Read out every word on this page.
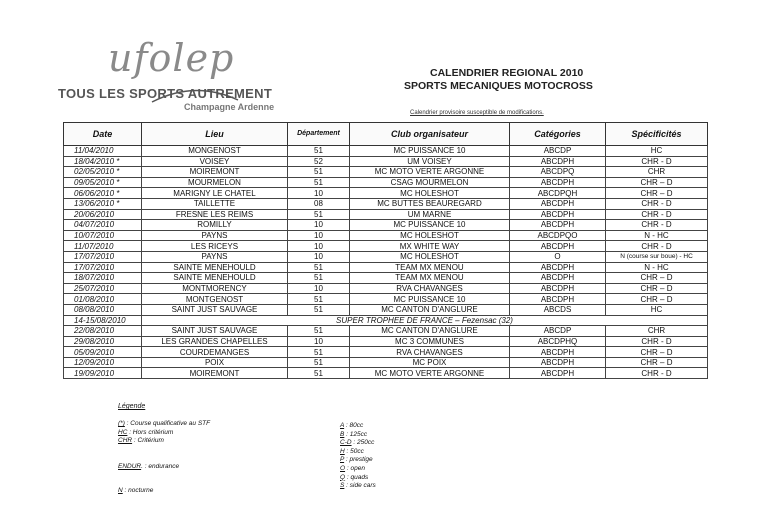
ufolep
TOUS LES SPORTS AUTREMENT
Champagne Ardenne
CALENDRIER REGIONAL 2010
SPORTS MECANIQUES MOTOCROSS
Calendrier provisoire susceptible de modifications.
Date	Lieu	Département	Club organisateur	Catégories	Spécificités
11/04/2010	MONGENOST	51	MC PUISSANCE 10	ABCDP	HC
18/04/2010 *	VOISEY	52	UM VOISEY	ABCDPH	CHR - D
02/05/2010 *	MOIREMONT	51	MC MOTO VERTE ARGONNE	ABCDPQ	CHR
09/05/2010 *	MOURMELON	51	CSAG MOURMELON	ABCDPH	CHR – D
06/06/2010 *	MARIGNY LE CHATEL	10	MC HOLESHOT	ABCDPQH	CHR – D
13/06/2010 *	TAILLETTE	08	MC BUTTES BEAUREGARD	ABCDPH	CHR - D
20/06/2010	FRESNE LES REIMS	51	UM MARNE	ABCDPH	CHR - D
04/07/2010	ROMILLY	10	MC PUISSANCE 10	ABCDPH	CHR - D
10/07/2010	PAYNS	10	MC HOLESHOT	ABCDPQO	N - HC
11/07/2010	LES RICEYS	10	MX WHITE WAY	ABCDPH	CHR - D
17/07/2010	PAYNS	10	MC HOLESHOT	O	N (course sur boue) - HC
17/07/2010	SAINTE MENEHOULD	51	TEAM MX MENOU	ABCDPH	N - HC
18/07/2010	SAINTE MENEHOULD	51	TEAM MX MENOU	ABCDPH	CHR – D
25/07/2010	MONTMORENCY	10	RVA CHAVANGES	ABCDPH	CHR – D
01/08/2010	MONTGENOST	51	MC PUISSANCE 10	ABCDPH	CHR – D
08/08/2010	SAINT JUST SAUVAGE	51	MC CANTON D'ANGLURE	ABCDS	HC
14-15/08/2010	SUPER TROPHEE DE FRANCE – Fezensac (32)				
22/08/2010	SAINT JUST SAUVAGE	51	MC CANTON D'ANGLURE	ABCDP	CHR
29/08/2010	LES GRANDES CHAPELLES	10	MC 3 COMMUNES	ABCDPHQ	CHR - D
05/09/2010	COURDEMANGES	51	RVA CHAVANGES	ABCDPH	CHR – D
12/09/2010	POIX	51	MC POIX	ABCDPH	CHR – D
19/09/2010	MOIREMONT	51	MC MOTO VERTE ARGONNE	ABCDPH	CHR - D
Légende
(*) : Course qualificative au STF
HC : Hors critérium
CHR : Critérium
ENDUR. : endurance
N : nocturne
A : 80cc
B : 125cc
C-D : 250cc
H : 50cc
P : prestige
O : open
Q : quads
S : side cars
